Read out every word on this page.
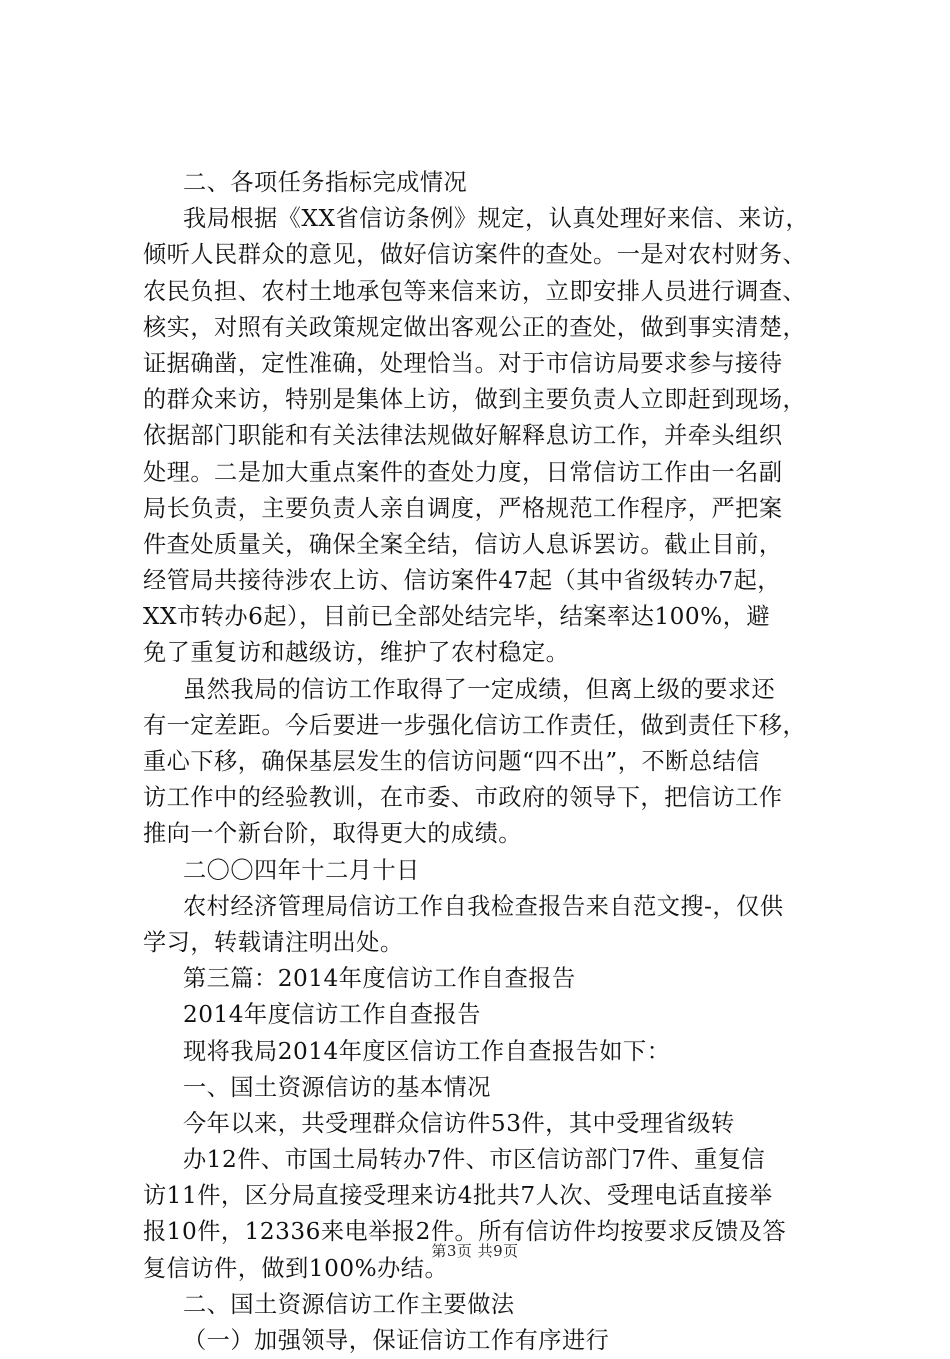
二、各项任务指标完成情况
我局根据《XX省信访条例》规定，认真处理好来信、来访，
倾听人民群众的意见，做好信访案件的查处。一是对农村财务、
农民负担、农村土地承包等来信来访，立即安排人员进行调查、
核实，对照有关政策规定做出客观公正的查处，做到事实清楚，
证据确凿，定性准确，处理恰当。对于市信访局要求参与接待
的群众来访，特别是集体上访，做到主要负责人立即赶到现场，
依据部门职能和有关法律法规做好解释息访工作，并牵头组织
处理。二是加大重点案件的查处力度，日常信访工作由一名副
局长负责，主要负责人亲自调度，严格规范工作程序，严把案
件查处质量关，确保全案全结，信访人息诉罢访。截止目前，
经管局共接待涉农上访、信访案件47起（其中省级转办7起，
XX市转办6起），目前已全部处结完毕，结案率达100%，避
免了重复访和越级访，维护了农村稳定。
虽然我局的信访工作取得了一定成绩，但离上级的要求还
有一定差距。今后要进一步强化信访工作责任，做到责任下移，
重心下移，确保基层发生的信访问题“四不出”，不断总结信
访工作中的经验教训，在市委、市政府的领导下，把信访工作
推向一个新台阶，取得更大的成绩。
二〇〇四年十二月十日
农村经济管理局信访工作自我检查报告来自范文搜-，仅供
学习，转载请注明出处。
第三篇：2014年度信访工作自查报告
2014年度信访工作自查报告
现将我局2014年度区信访工作自查报告如下：
一、国土资源信访的基本情况
今年以来，共受理群众信访件53件，其中受理省级转
办12件、市国土局转办7件、市区信访部门7件、重复信
访11件，区分局直接受理来访4批共7人次、受理电话直接举
报10件，12336来电举报2件。所有信访件均按要求反馈及答
复信访件，做到100%办结。
二、国土资源信访工作主要做法
（一）加强领导，保证信访工作有序进行
第3页 共9页
